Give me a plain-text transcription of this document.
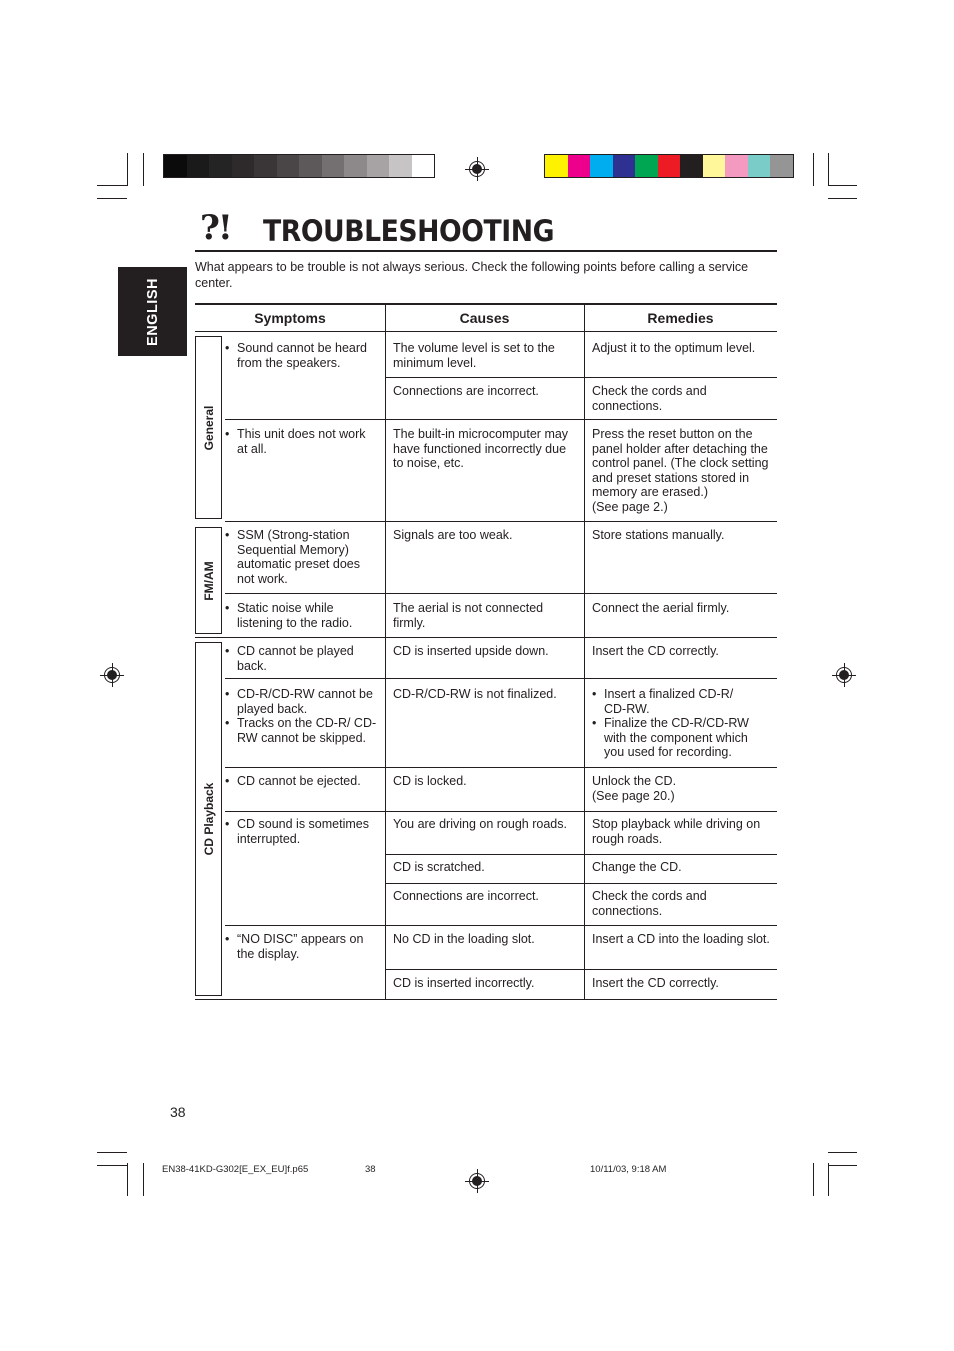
?! TROUBLESHOOTING
ENGLISH
What appears to be trouble is not always serious. Check the following points before calling a service center.
Symptoms	Causes	Remedies
General
FM/AM
CD Playback
• Sound cannot be heard from the speakers.
The volume level is set to the minimum level.
Adjust it to the optimum level.
Connections are incorrect.	Check the cords and connections.
• This unit does not work at all.
The built-in microcomputer may have functioned incorrectly due to noise, etc.
Press the reset button on the panel holder after detaching the control panel. (The clock setting and preset stations stored in memory are erased.)
(See page 2.)
• SSM (Strong-station Sequential Memory) automatic preset does not work.
Signals are too weak.	Store stations manually.
• Static noise while listening to the radio.
The aerial is not connected firmly.
Connect the aerial firmly.
• CD cannot be played back.
CD is inserted upside down.	Insert the CD correctly.
• CD-R/CD-RW cannot be played back.
• Tracks on the CD-R/ CD-RW cannot be skipped.
CD-R/CD-RW is not finalized.
•	Insert a finalized CD-R/ CD-RW.
• Finalize the CD-R/CD-RW with the component which you used for recording.
• CD cannot be ejected.	CD is locked.	Unlock the CD.
(See page 20.)
• CD sound is sometimes interrupted.
You are driving on rough roads.	Stop playback while driving on rough roads.
CD is scratched.	Change the CD.
Connections are incorrect.	Check the cords and connections.
• “NO DISC” appears on the display.
No CD in the loading slot.	Insert a CD into the loading slot.
CD is inserted incorrectly.	Insert the CD correctly.
38
EN38-41KD-G302[E_EX_EU]f.p65	38	10/11/03, 9:18 AM
